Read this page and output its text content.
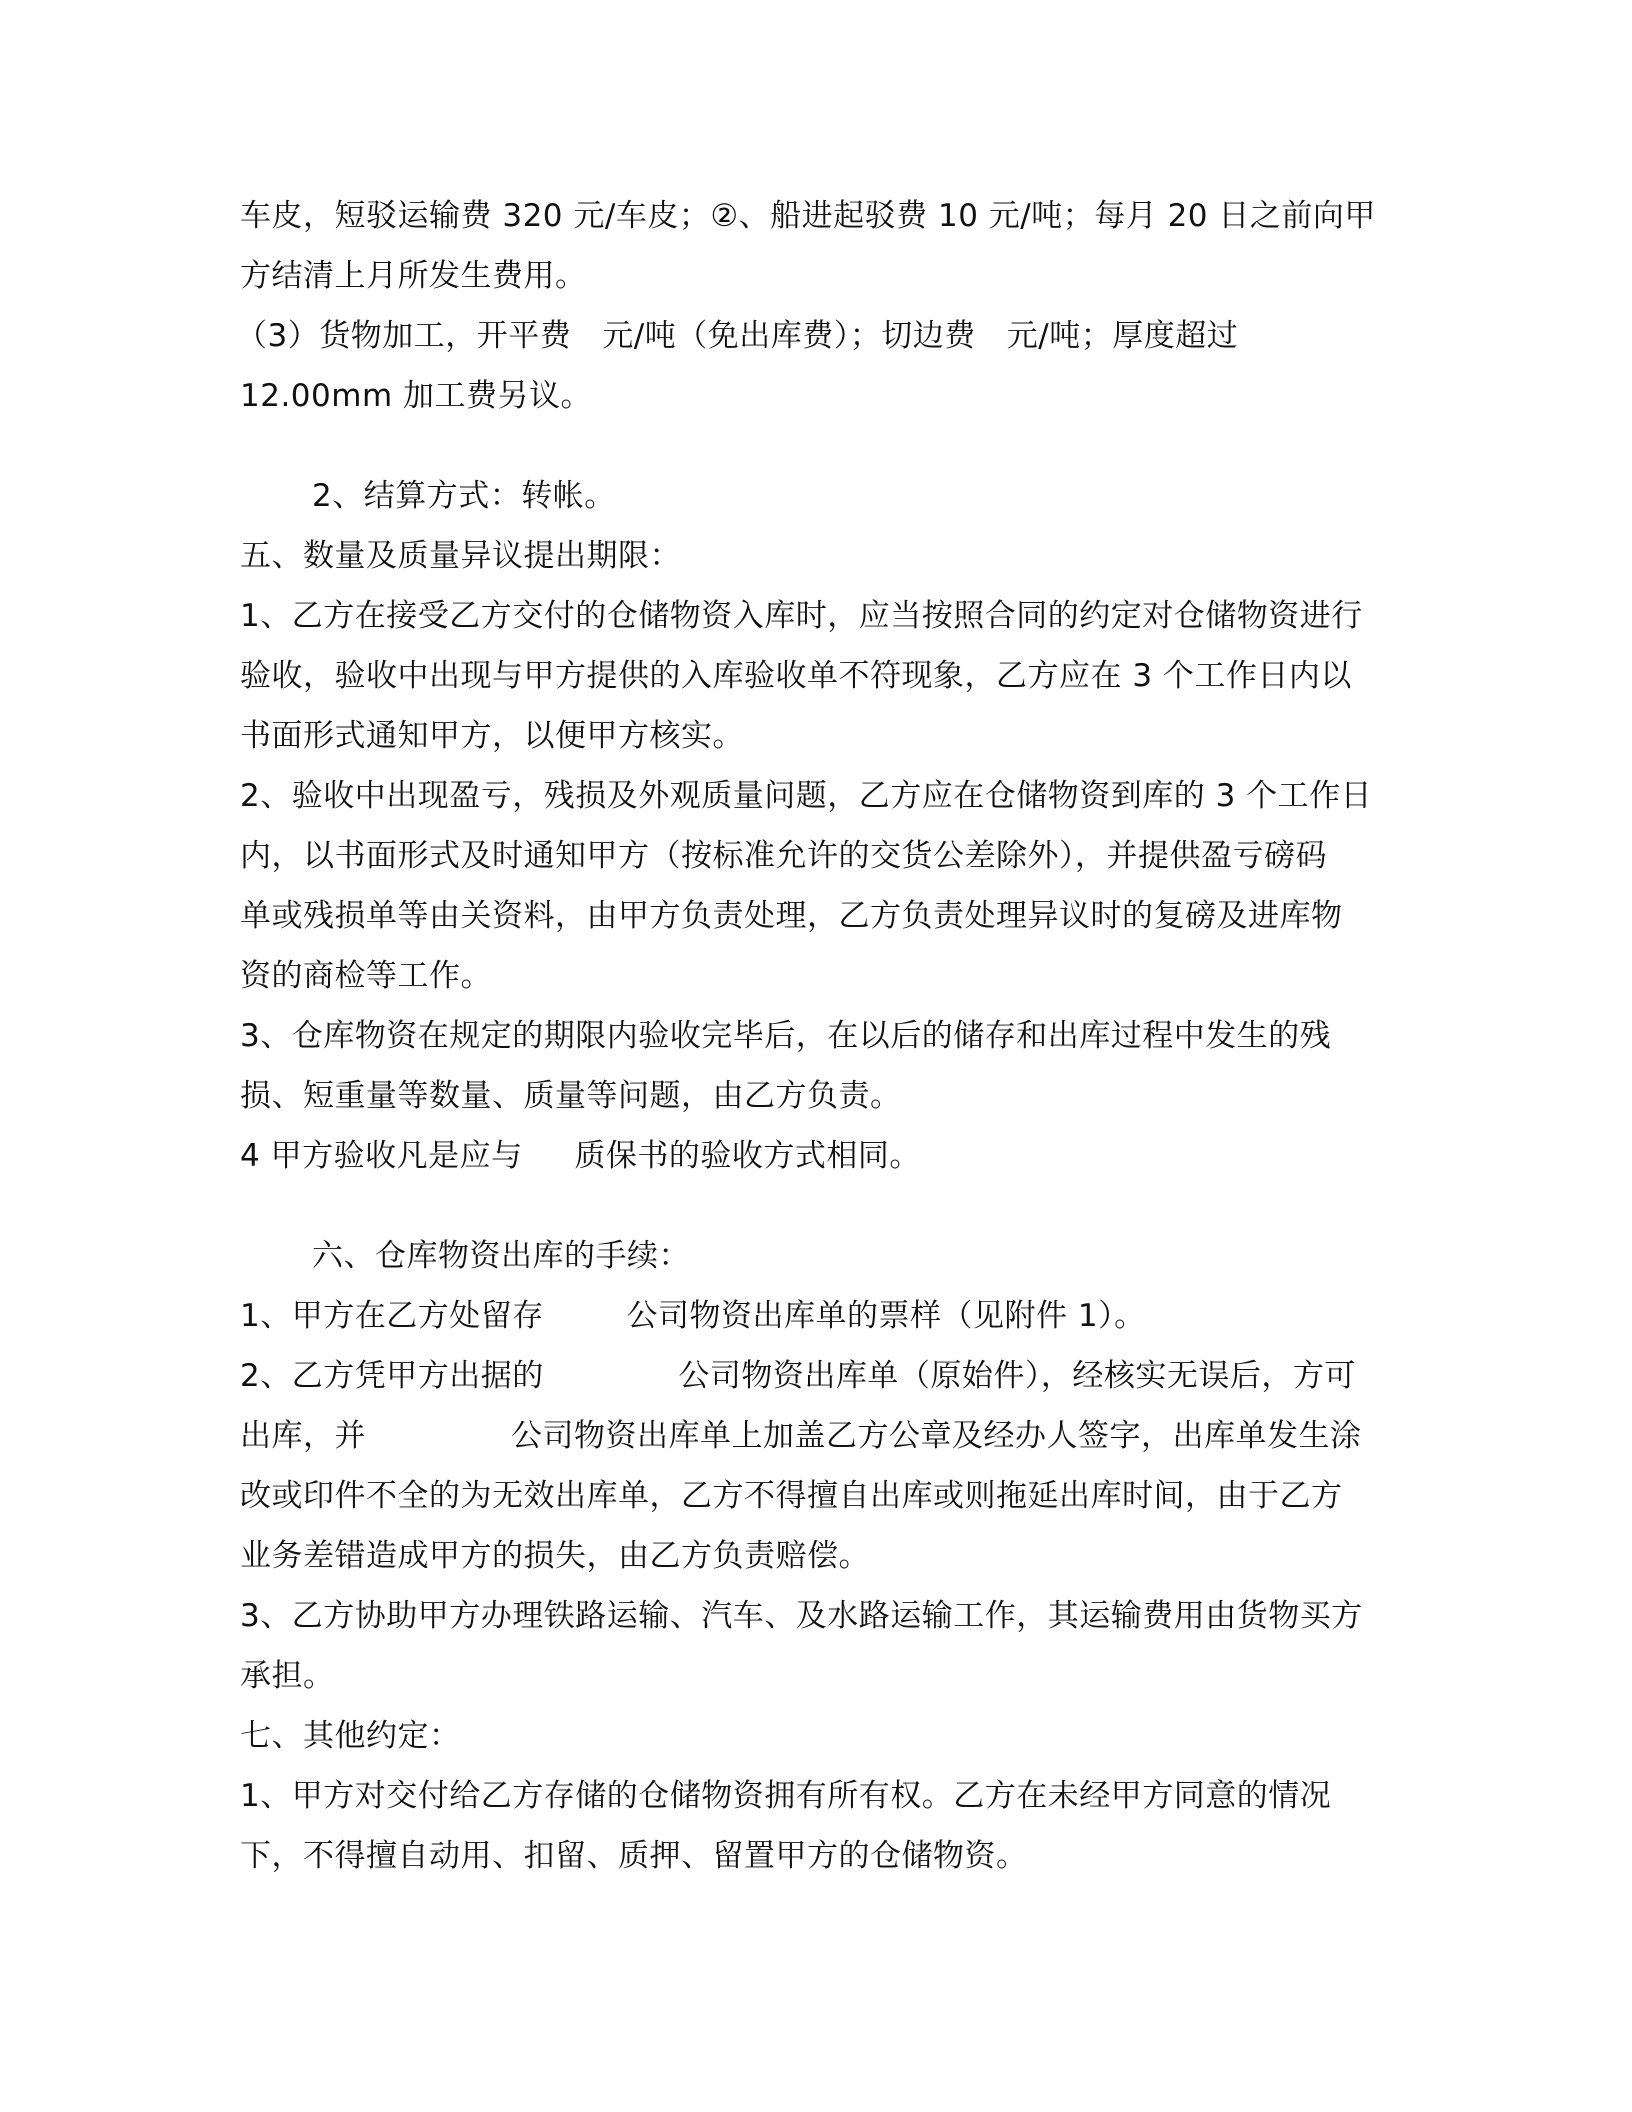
车皮，短驳运输费 320 元/车皮；②、船进起驳费 10 元/吨；每月 20 日之前向甲
方结清上月所发生费用。
（3）货物加工，开平费   元/吨（免出库费）；切边费   元/吨；厚度超过
12.00mm 加工费另议。
2、结算方式：转帐。
五、数量及质量异议提出期限：
1、乙方在接受乙方交付的仓储物资入库时，应当按照合同的约定对仓储物资进行
验收，验收中出现与甲方提供的入库验收单不符现象，乙方应在 3 个工作日内以
书面形式通知甲方，以便甲方核实。
2、验收中出现盈亏，残损及外观质量问题，乙方应在仓储物资到库的 3 个工作日
内，以书面形式及时通知甲方（按标准允许的交货公差除外），并提供盈亏磅码
单或残损单等由关资料，由甲方负责处理，乙方负责处理异议时的复磅及进库物
资的商检等工作。
3、仓库物资在规定的期限内验收完毕后，在以后的储存和出库过程中发生的残
损、短重量等数量、质量等问题，由乙方负责。
4 甲方验收凡是应与     质保书的验收方式相同。
六、仓库物资出库的手续：
1、甲方在乙方处留存        公司物资出库单的票样（见附件 1）。
2、乙方凭甲方出据的             公司物资出库单（原始件），经核实无误后，方可
出库，并              公司物资出库单上加盖乙方公章及经办人签字，出库单发生涂
改或印件不全的为无效出库单，乙方不得擅自出库或则拖延出库时间，由于乙方
业务差错造成甲方的损失，由乙方负责赔偿。
3、乙方协助甲方办理铁路运输、汽车、及水路运输工作，其运输费用由货物买方
承担。
七、其他约定：
1、甲方对交付给乙方存储的仓储物资拥有所有权。乙方在未经甲方同意的情况
下，不得擅自动用、扣留、质押、留置甲方的仓储物资。
